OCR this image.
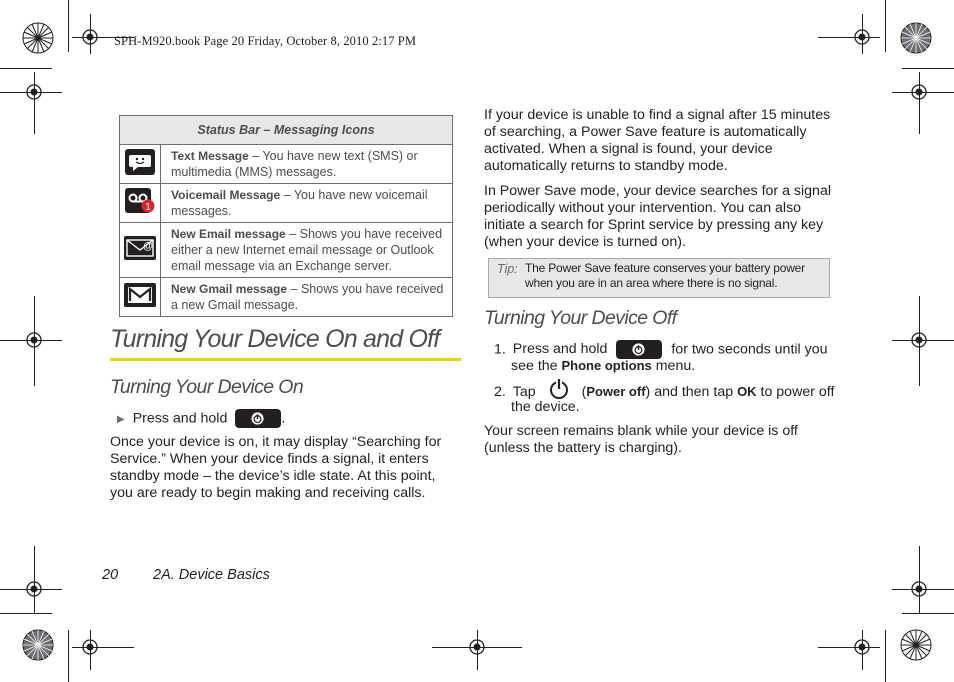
SPH-M920.book Page 20 Friday, October 8, 2010 2:17 PM
Status Bar – Messaging Icons	
	Text Message – You have new text (SMS) or multimedia (MMS) messages.

1	Voicemail Message – You have new voicemail messages.

@	New Email message – Shows you have received either a new Internet email message or Outlook email message via an Exchange server.
	New Gmail message – Shows you have received a new Gmail message.
Turning Your Device On and Off
Turning Your Device On
▶ Press and hold	.
Once your device is on, it may display “Searching for Service.” When your device finds a signal, it enters standby mode – the device’s idle state. At this point, you are ready to begin making and receiving calls.
If your device is unable to find a signal after 15 minutes of searching, a Power Save feature is automatically activated. When a signal is found, your device automatically returns to standby mode.
In Power Save mode, your device searches for a signal periodically without your intervention. You can also initiate a search for Sprint service by pressing any key (when your device is turned on).
Tip: The Power Save feature conserves your battery power when you are in an area where there is no signal.
Turning Your Device Off
1. Press and hold	for two seconds until you
see the Phone options menu.
2. Tap	(Power off) and then tap OK to power off
the device.
Your screen remains blank while your device is off (unless the battery is charging).
20 2A. Device Basics
